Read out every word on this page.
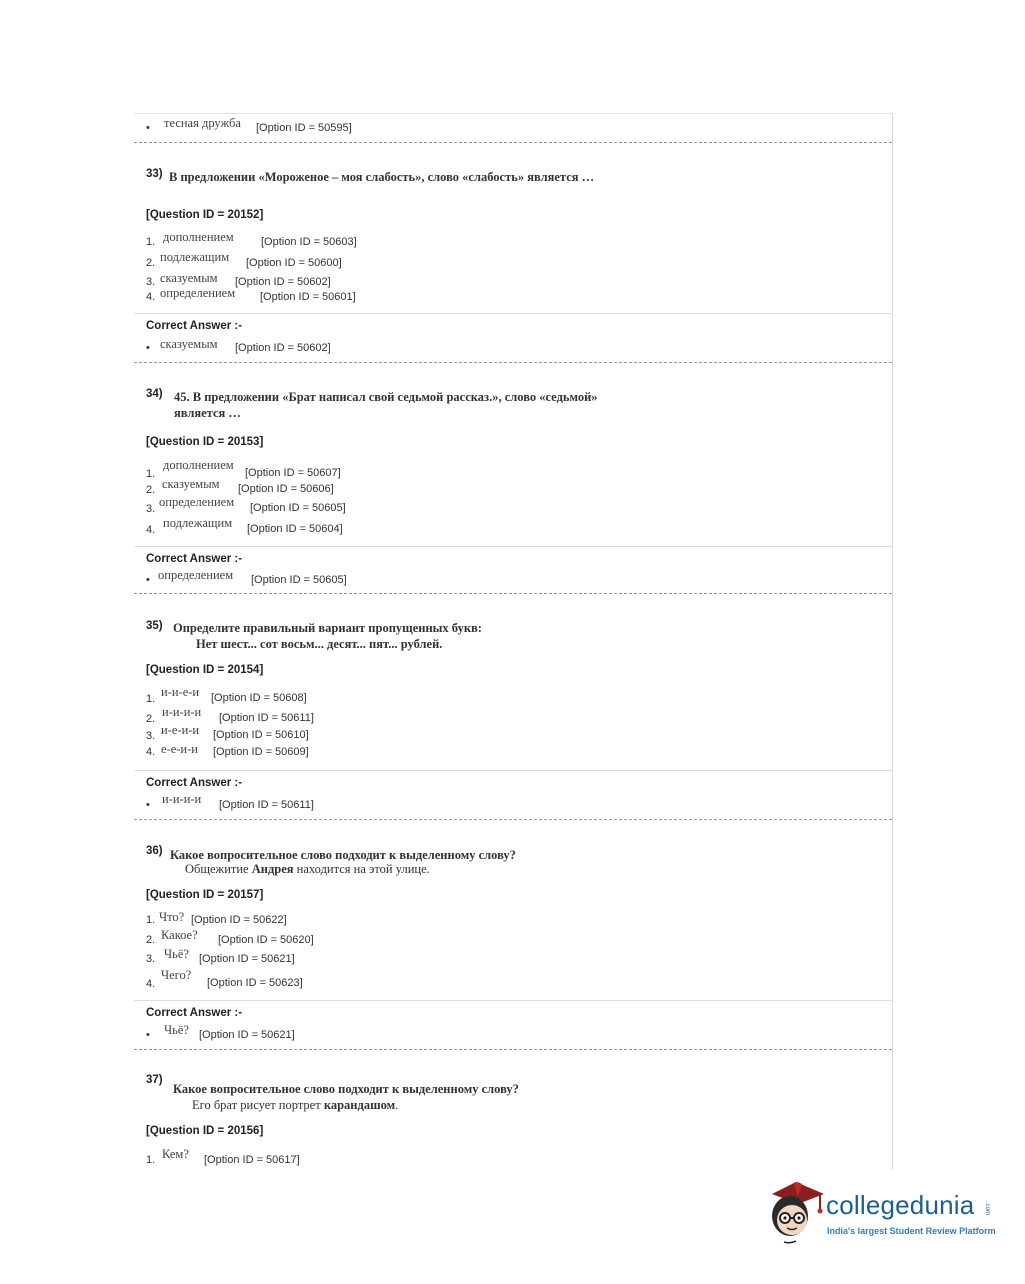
• тесная дружба [Option ID = 50595]
33) В предложении «Мороженое – моя слабость», слово «слабость» является …
[Question ID = 20152]
1. дополнением [Option ID = 50603]
2. подлежащим [Option ID = 50600]
3. сказуемым [Option ID = 50602]
4. определением [Option ID = 50601]
Correct Answer :-
• сказуемым [Option ID = 50602]
34) 45. В предложении «Брат написал свой седьмой рассказ.», слово «седьмой»
является …
[Question ID = 20153]
1.
дополнением
[Option ID = 50607]
2. сказуемым [Option ID = 50606]
3. определением [Option ID = 50605]
4. подлежащим [Option ID = 50604]
Correct Answer :-
• определением [Option ID = 50605]
35) Определите правильный вариант пропущенных букв:
Нет шест... сот восьм... десят... пят... рублей.
[Question ID = 20154]
1. и-и-е-и [Option ID = 50608]
2. и-и-и-и [Option ID = 50611]
3. и-е-и-и [Option ID = 50610]
4. е-е-и-и [Option ID = 50609]
Correct Answer :-
• и-и-и-и [Option ID = 50611]
36) Какое вопросительное слово подходит к выделенному слову?
Общежитие Андрея находится на этой улице.
[Question ID = 20157]
1. Что? [Option ID = 50622]
2. Какое? [Option ID = 50620]
3. Чьё? [Option ID = 50621]
4.
Чего?
[Option ID = 50623]
Correct Answer :-
• Чьё? [Option ID = 50621]
37)
Какое вопросительное слово подходит к выделенному слову?
Его брат рисует портрет карандашом.
[Question ID = 20156]
1. Кем? [Option ID = 50617]
collegedunia .com
India's largest Student Review Platform
